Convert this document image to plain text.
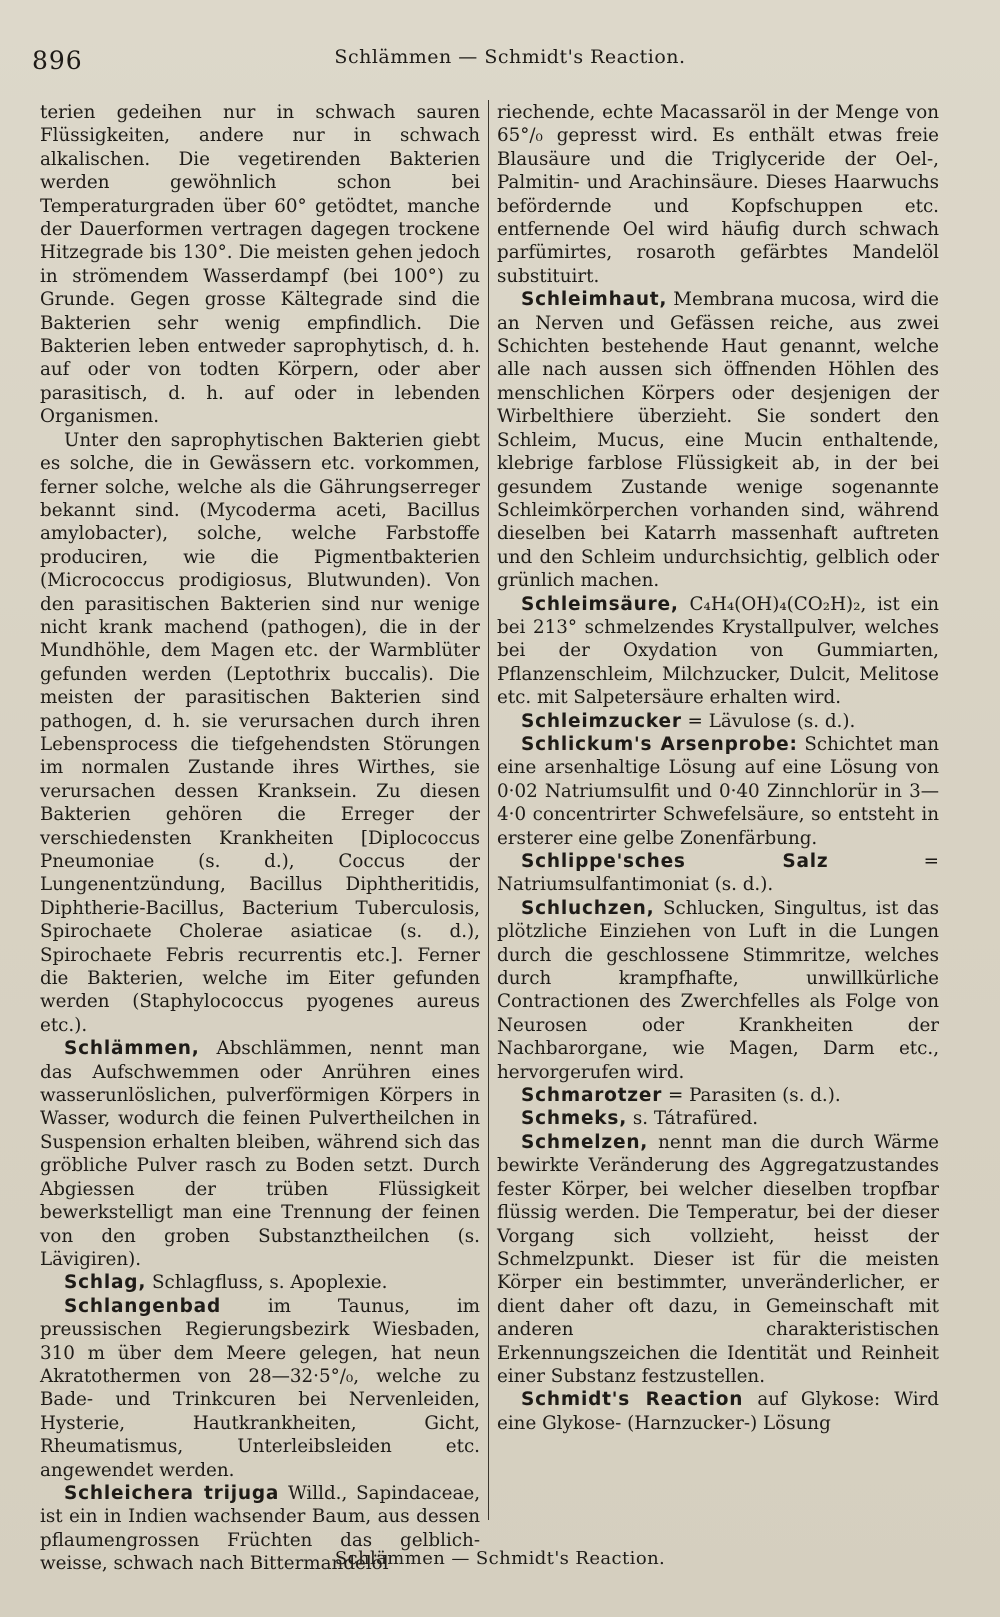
896	Schlämmen — Schmidt's Reaction.

terien gedeihen nur in schwach sauren Flüssigkeiten, andere nur in schwach alkalischen. Die vegetirenden Bakterien werden gewöhnlich schon bei Temperaturgraden über 60° getödtet, manche der Dauerformen vertragen dagegen trockene Hitzegrade bis 130°. Die meisten gehen jedoch in strömendem Wasserdampf (bei 100°) zu Grunde. Gegen grosse Kältegrade sind die Bakterien sehr wenig empfindlich. Die Bakterien leben entweder saprophytisch, d. h. auf oder von todten Körpern, oder aber parasitisch, d. h. auf oder in lebenden Organismen.

Unter den saprophytischen Bakterien giebt es solche, die in Gewässern etc. vorkommen, ferner solche, welche als die Gährungserreger bekannt sind. (Mycoderma aceti, Bacillus amylobacter), solche, welche Farbstoffe produciren, wie die Pigmentbakterien (Micrococcus prodigiosus, Blutwunden). Von den parasitischen Bakterien sind nur wenige nicht krank machend (pathogen), die in der Mundhöhle, dem Magen etc. der Warmblüter gefunden werden (Leptothrix buccalis). Die meisten der parasitischen Bakterien sind pathogen, d. h. sie verursachen durch ihren Lebensprocess die tiefgehendsten Störungen im normalen Zustande ihres Wirthes, sie verursachen dessen Kranksein. Zu diesen Bakterien gehören die Erreger der verschiedensten Krankheiten [Diplococcus Pneumoniae (s. d.), Coccus der Lungenentzündung, Bacillus Diphtheritidis, Diphtherie-Bacillus, Bacterium Tuberculosis, Spirochaete Cholerae asiaticae (s. d.), Spirochaete Febris recurrentis etc.]. Ferner die Bakterien, welche im Eiter gefunden werden (Staphylococcus pyogenes aureus etc.).

Schlämmen, Abschlämmen, nennt man das Aufschwemmen oder Anrühren eines wasserunlöslichen, pulverförmigen Körpers in Wasser, wodurch die feinen Pulvertheilchen in Suspension erhalten bleiben, während sich das gröbliche Pulver rasch zu Boden setzt. Durch Abgiessen der trüben Flüssigkeit bewerkstelligt man eine Trennung der feinen von den groben Substanztheilchen (s. Lävigiren).

Schlag, Schlagfluss, s. Apoplexie.

Schlangenbad im Taunus, im preussischen Regierungsbezirk Wiesbaden, 310 m über dem Meere gelegen, hat neun Akratothermen von 28—32·5°/₀, welche zu Bade- und Trinkcuren bei Nervenleiden, Hysterie, Hautkrankheiten, Gicht, Rheumatismus, Unterleibsleiden etc. angewendet werden.

Schleichera trijuga Willd., Sapindaceae, ist ein in Indien wachsender Baum, aus dessen pflaumengrossen Früchten das gelblich-weisse, schwach nach Bittermandelöl

riechende, echte Macassaröl in der Menge von 65°/₀ gepresst wird. Es enthält etwas freie Blausäure und die Triglyceride der Oel-, Palmitin- und Arachinsäure. Dieses Haarwuchs befördernde und Kopfschuppen etc. entfernende Oel wird häufig durch schwach parfümirtes, rosaroth gefärbtes Mandelöl substituirt.

Schleimhaut, Membrana mucosa, wird die an Nerven und Gefässen reiche, aus zwei Schichten bestehende Haut genannt, welche alle nach aussen sich öffnenden Höhlen des menschlichen Körpers oder desjenigen der Wirbelthiere überzieht. Sie sondert den Schleim, Mucus, eine Mucin enthaltende, klebrige farblose Flüssigkeit ab, in der bei gesundem Zustande wenige sogenannte Schleimkörperchen vorhanden sind, während dieselben bei Katarrh massenhaft auftreten und den Schleim undurchsichtig, gelblich oder grünlich machen.

Schleimsäure, C₄H₄(OH)₄(CO₂H)₂, ist ein bei 213° schmelzendes Krystallpulver, welches bei der Oxydation von Gummiarten, Pflanzenschleim, Milchzucker, Dulcit, Melitose etc. mit Salpetersäure erhalten wird.

Schleimzucker = Lävulose (s. d.).

Schlickum's Arsenprobe: Schichtet man eine arsenhaltige Lösung auf eine Lösung von 0·02 Natriumsulfit und 0·40 Zinnchlorür in 3—4·0 concentrirter Schwefelsäure, so entsteht in ersterer eine gelbe Zonenfärbung.

Schlippe'sches Salz = Natriumsulfantimoniat (s. d.).

Schluchzen, Schlucken, Singultus, ist das plötzliche Einziehen von Luft in die Lungen durch die geschlossene Stimmritze, welches durch krampfhafte, unwillkürliche Contractionen des Zwerchfelles als Folge von Neurosen oder Krankheiten der Nachbarorgane, wie Magen, Darm etc., hervorgerufen wird.

Schmarotzer = Parasiten (s. d.).

Schmeks, s. Tátrafüred.

Schmelzen, nennt man die durch Wärme bewirkte Veränderung des Aggregatzustandes fester Körper, bei welcher dieselben tropfbar flüssig werden. Die Temperatur, bei der dieser Vorgang sich vollzieht, heisst der Schmelzpunkt. Dieser ist für die meisten Körper ein bestimmter, unveränderlicher, er dient daher oft dazu, in Gemeinschaft mit anderen charakteristischen Erkennungszeichen die Identität und Reinheit einer Substanz festzustellen.

Schmidt's Reaction auf Glykose: Wird eine Glykose- (Harnzucker-) Lösung

Schlämmen — Schmidt's Reaction.
